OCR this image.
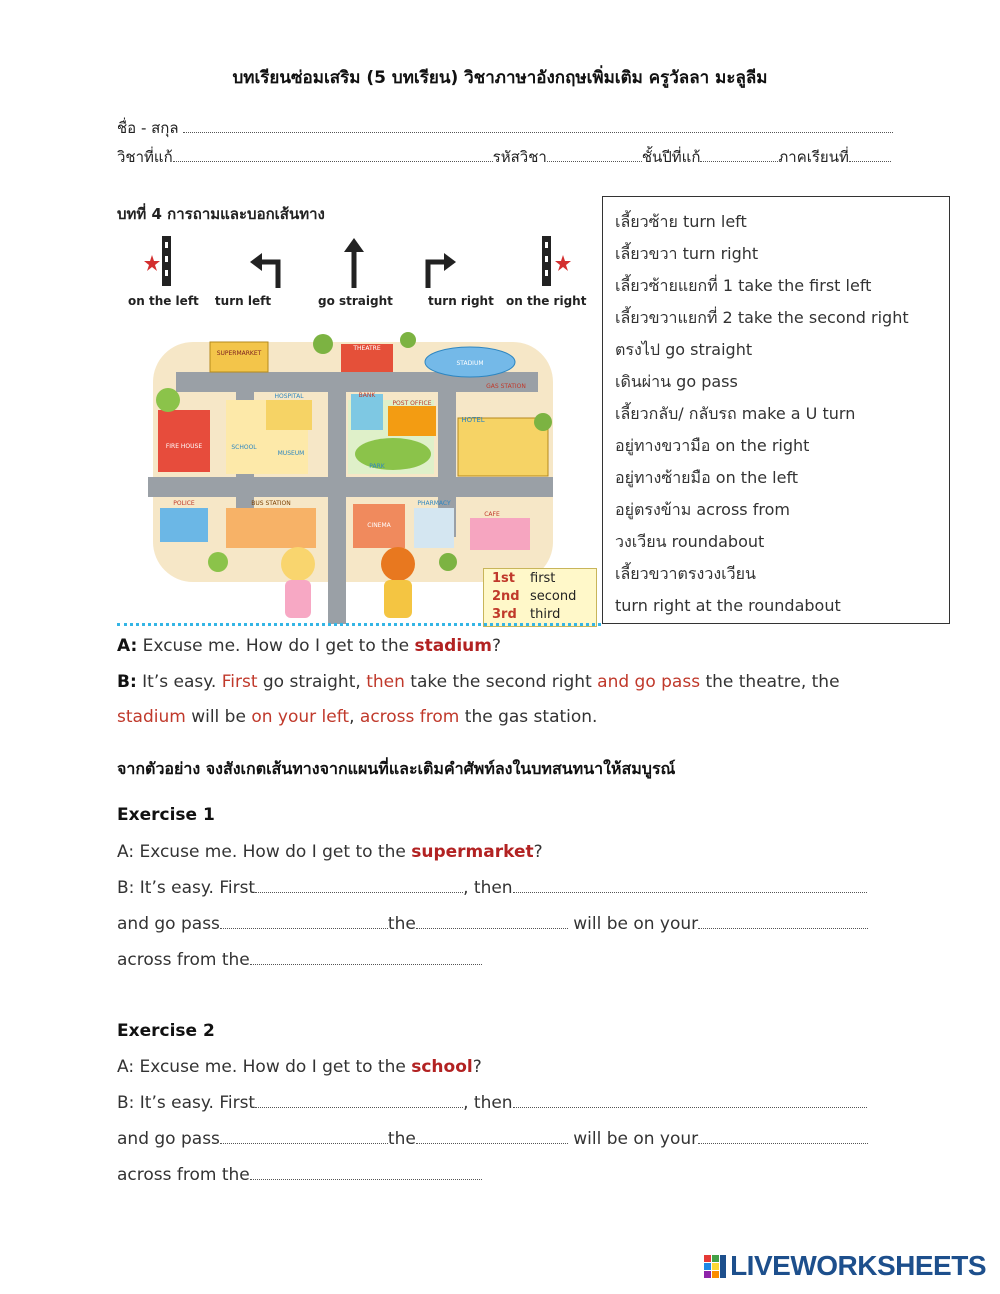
บทเรียนซ่อมเสริม (5 บทเรียน) วิชาภาษาอังกฤษเพิ่มเติม ครูวัลลา มะลูลีม
ชื่อ - สกุล
วิชาที่แก้	รหัสวิชา	ชั้นปีที่แก้	ภาคเรียนที่
บทที่ 4 การถามและบอกเส้นทาง
on the left turn left	go straight	turn right on the right
SUPERMARKET
THEATRE
STADIUM
GAS STATION
FIRE HOUSE
HOSPITAL
SCHOOL
MUSEUM
BANK
POST OFFICE
PARK
HOTEL
POLICE	BUS STATION
CINEMA
PHARMACY
CAFE
1st	first
2nd second
3rd	third
เลี้ยวซ้าย turn left
เลี้ยวขวา turn right
เลี้ยวซ้ายแยกที่ 1 take the first left
เลี้ยวขวาแยกที่ 2 take the second right
ตรงไป go straight
เดินผ่าน go pass
เลี้ยวกลับ/ กลับรถ make a U turn
อยู่ทางขวามือ on the right
อยู่ทางซ้ายมือ on the left
อยู่ตรงข้าม across from
วงเวียน roundabout
เลี้ยวขวาตรงวงเวียน
turn right at the roundabout
A: Excuse me. How do I get to the stadium?
B: It’s easy. First go straight, then take the second right and go pass the theatre, the
stadium will be on your left, across from the gas station.
จากตัวอย่าง จงสังเกตเส้นทางจากแผนที่และเติมคำศัพท์ลงในบทสนทนาให้สมบูรณ์
Exercise 1
A: Excuse me. How do I get to the supermarket?
B: It’s easy. First	, then
and go pass	the	will be on your
across from the
Exercise 2
A: Excuse me. How do I get to the school?
B: It’s easy. First	, then
and go pass	the	will be on your
across from the
LIVEWORKSHEETS
